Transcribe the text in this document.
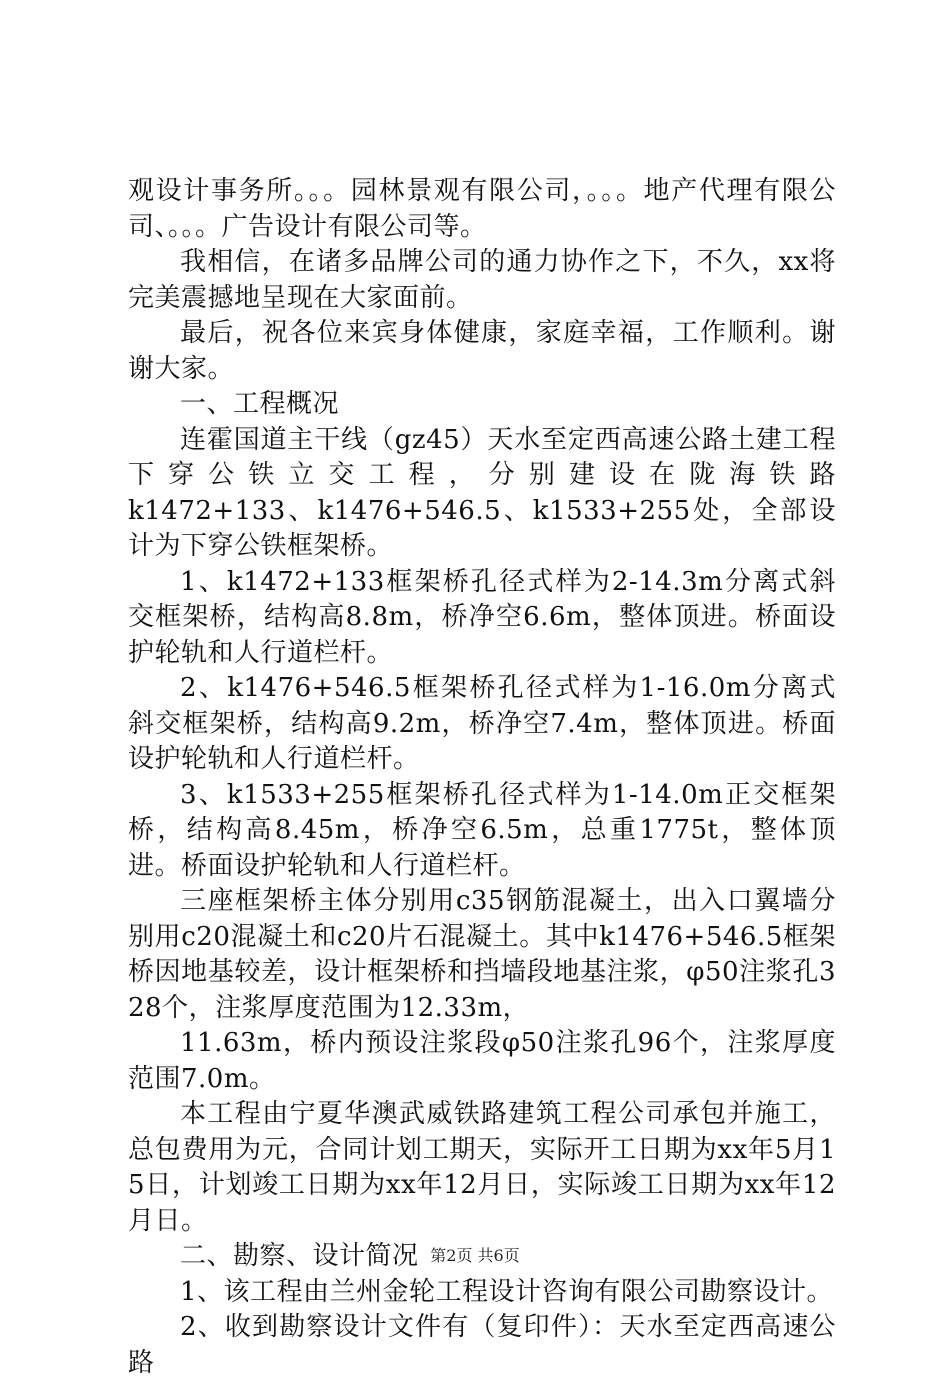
观设计事务所。。。园林景观有限公司，。。。地产代理有限公司、。。。广告设计有限公司等。

我相信，在诸多品牌公司的通力协作之下，不久，xx将完美震撼地呈现在大家面前。

最后，祝各位来宾身体健康，家庭幸福，工作顺利。谢谢大家。

一、工程概况

连霍国道主干线（gz45）天水至定西高速公路土建工程下穿公铁立交工程，分别建设在陇海铁路

k1472+133、k1476+546.5、k1533+255处，全部设计为下穿公铁框架桥。

1、k1472+133框架桥孔径式样为2-14.3m分离式斜交框架桥，结构高8.8m，桥净空6.6m，整体顶进。桥面设护轮轨和人行道栏杆。

2、k1476+546.5框架桥孔径式样为1-16.0m分离式斜交框架桥，结构高9.2m，桥净空7.4m，整体顶进。桥面设护轮轨和人行道栏杆。

3、k1533+255框架桥孔径式样为1-14.0m正交框架桥，结构高8.45m，桥净空6.5m，总重1775t，整体顶进。桥面设护轮轨和人行道栏杆。

三座框架桥主体分别用c35钢筋混凝土，出入口翼墙分别用c20混凝土和c20片石混凝土。其中k1476+546.5框架桥因地基较差，设计框架桥和挡墙段地基注浆，φ50注浆孔328个，注浆厚度范围为12.33m，

11.63m，桥内预设注浆段φ50注浆孔96个，注浆厚度范围7.0m。

本工程由宁夏华澳武威铁路建筑工程公司承包并施工，总包费用为元，合同计划工期天，实际开工日期为xx年5月15日，计划竣工日期为xx年12月日，实际竣工日期为xx年12月日。

二、勘察、设计简况

1、该工程由兰州金轮工程设计咨询有限公司勘察设计。

2、收到勘察设计文件有（复印件）：天水至定西高速公路

第2页 共6页
